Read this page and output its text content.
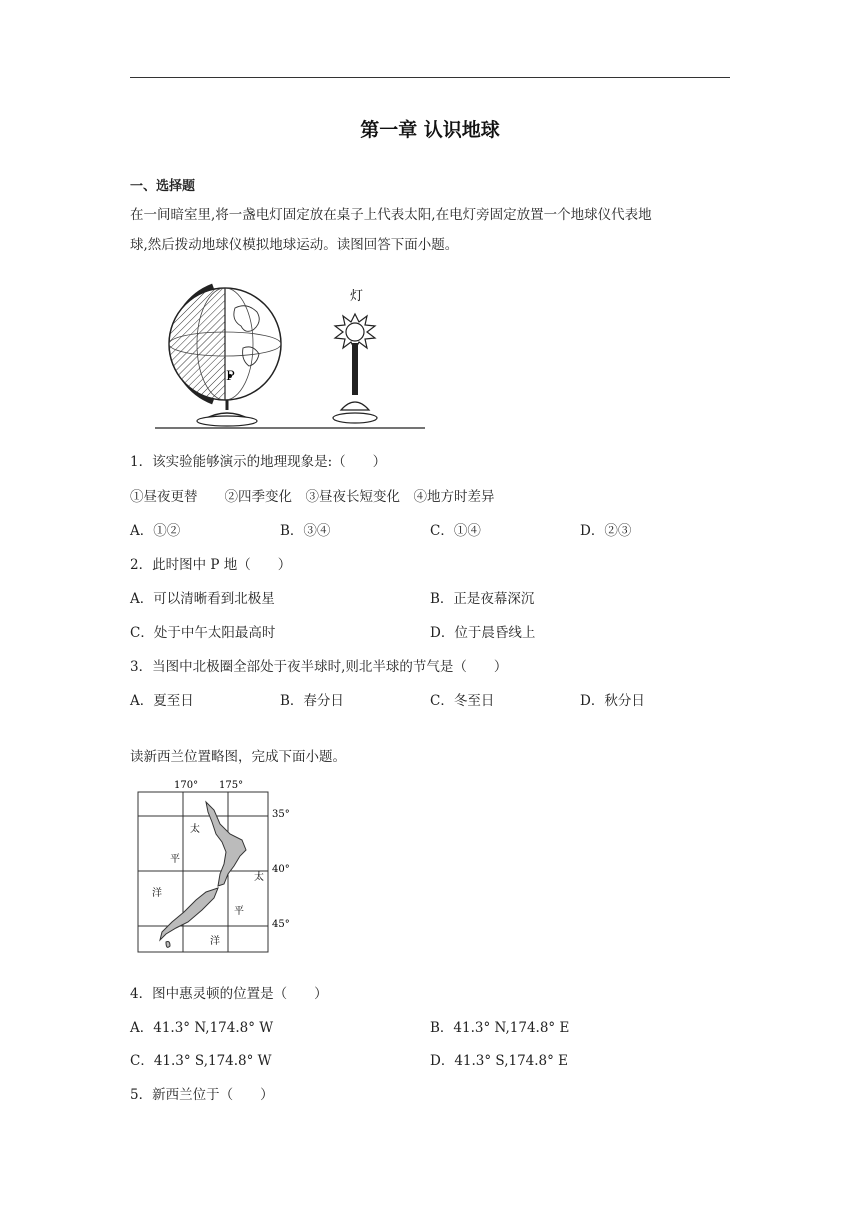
第一章 认识地球
一、选择题
在一间暗室里,将一盏电灯固定放在桌子上代表太阳,在电灯旁固定放置一个地球仪代表地
球,然后拨动地球仪模拟地球运动。读图回答下面小题。
P
灯
1．该实验能够演示的地理现象是:（　　）
①昼夜更替　　②四季变化　③昼夜长短变化　④地方时差异
A．①②	B．③④	C．①④	D．②③
2．此时图中 P 地（　　）
A．可以清晰看到北极星	B．正是夜幕深沉
C．处于中午太阳最高时	D．位于晨昏线上
3．当图中北极圈全部处于夜半球时,则北半球的节气是（　　）
A．夏至日	B．春分日	C．冬至日	D．秋分日
读新西兰位置略图，完成下面小题。
170° 175°
35°
40°
45°
太
平
洋
太
平
洋
4．图中惠灵顿的位置是（　　）
A．41.3° N,174.8° W	B．41.3° N,174.8° E
C．41.3° S,174.8° W	D．41.3° S,174.8° E
5．新西兰位于（　　）
